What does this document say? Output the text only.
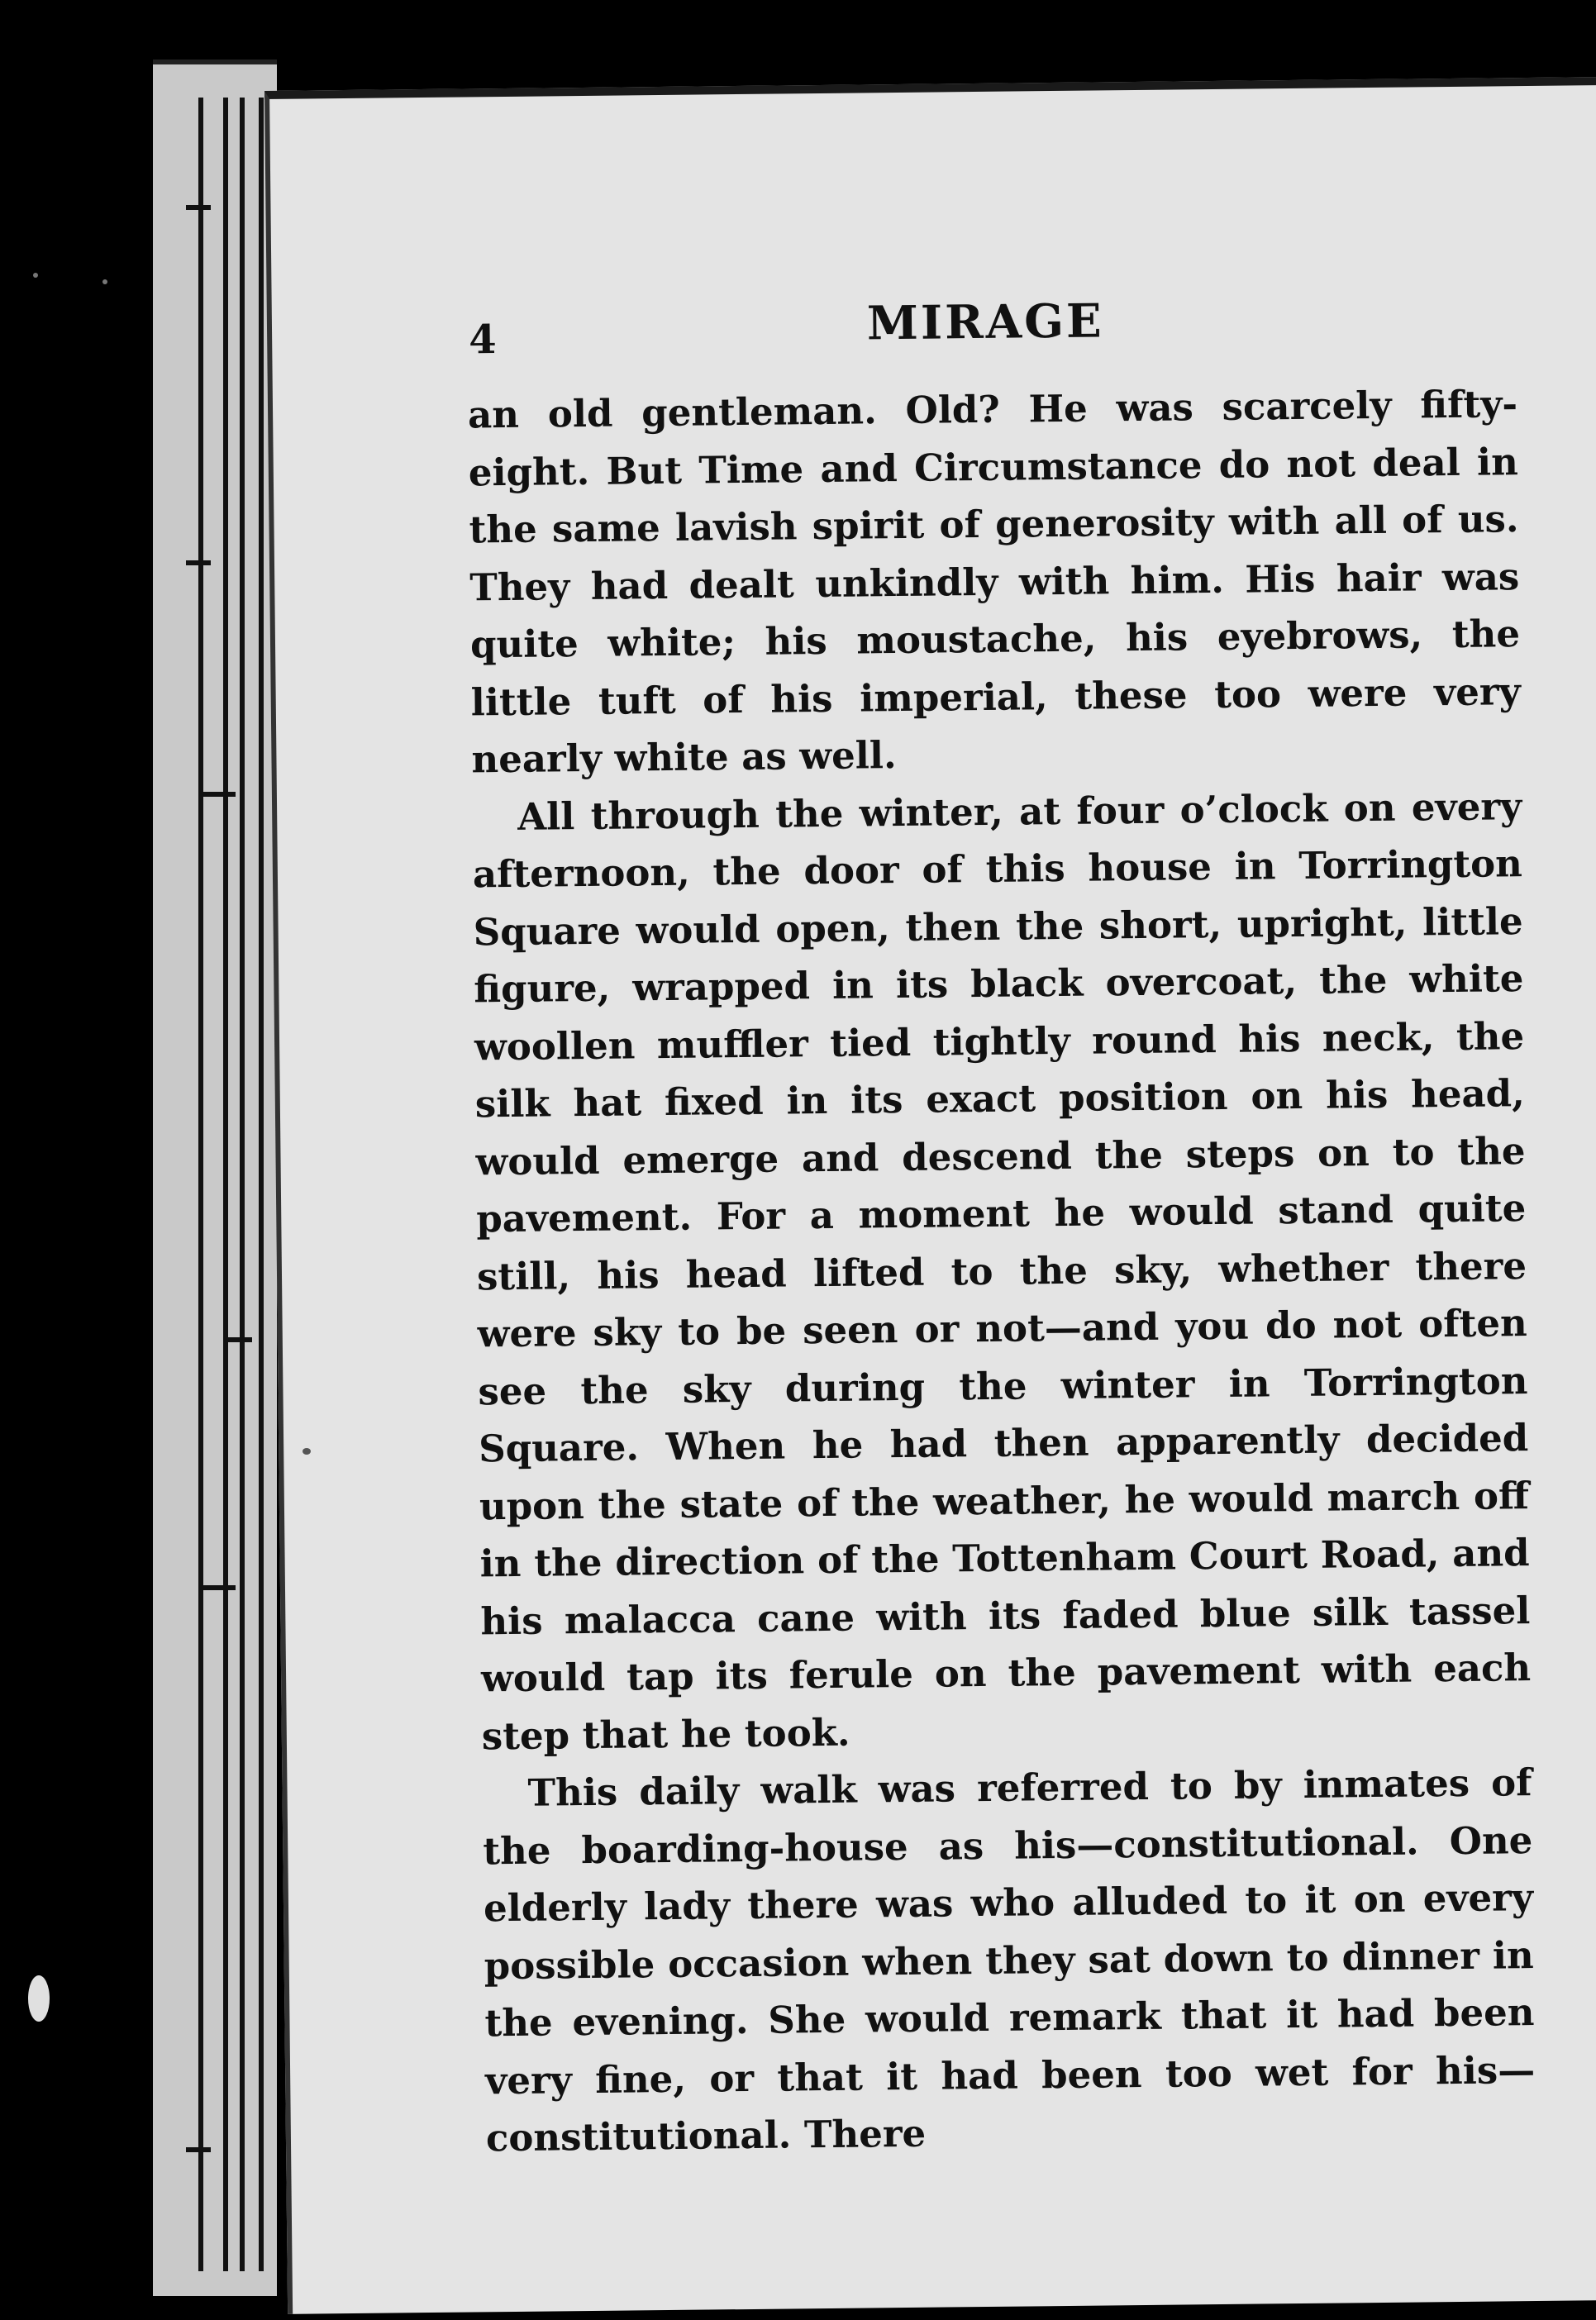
4	MIRAGE

an old gentleman. Old? He was scarcely fifty-eight. But Time and Circumstance do not deal in the same lavish spirit of generosity with all of us. They had dealt unkindly with him. His hair was quite white; his moustache, his eyebrows, the little tuft of his imperial, these too were very nearly white as well.

All through the winter, at four o’clock on every afternoon, the door of this house in Torrington Square would open, then the short, upright, little figure, wrapped in its black overcoat, the white woollen muffler tied tightly round his neck, the silk hat fixed in its exact position on his head, would emerge and descend the steps on to the pavement. For a moment he would stand quite still, his head lifted to the sky, whether there were sky to be seen or not—and you do not often see the sky during the winter in Torrington Square. When he had then apparently decided upon the state of the weather, he would march off in the direction of the Tottenham Court Road, and his malacca cane with its faded blue silk tassel would tap its ferule on the pavement with each step that he took.

This daily walk was referred to by inmates of the boarding-house as his—constitutional. One elderly lady there was who alluded to it on every possible occasion when they sat down to dinner in the evening. She would remark that it had been very fine, or that it had been too wet for his—constitutional. There
